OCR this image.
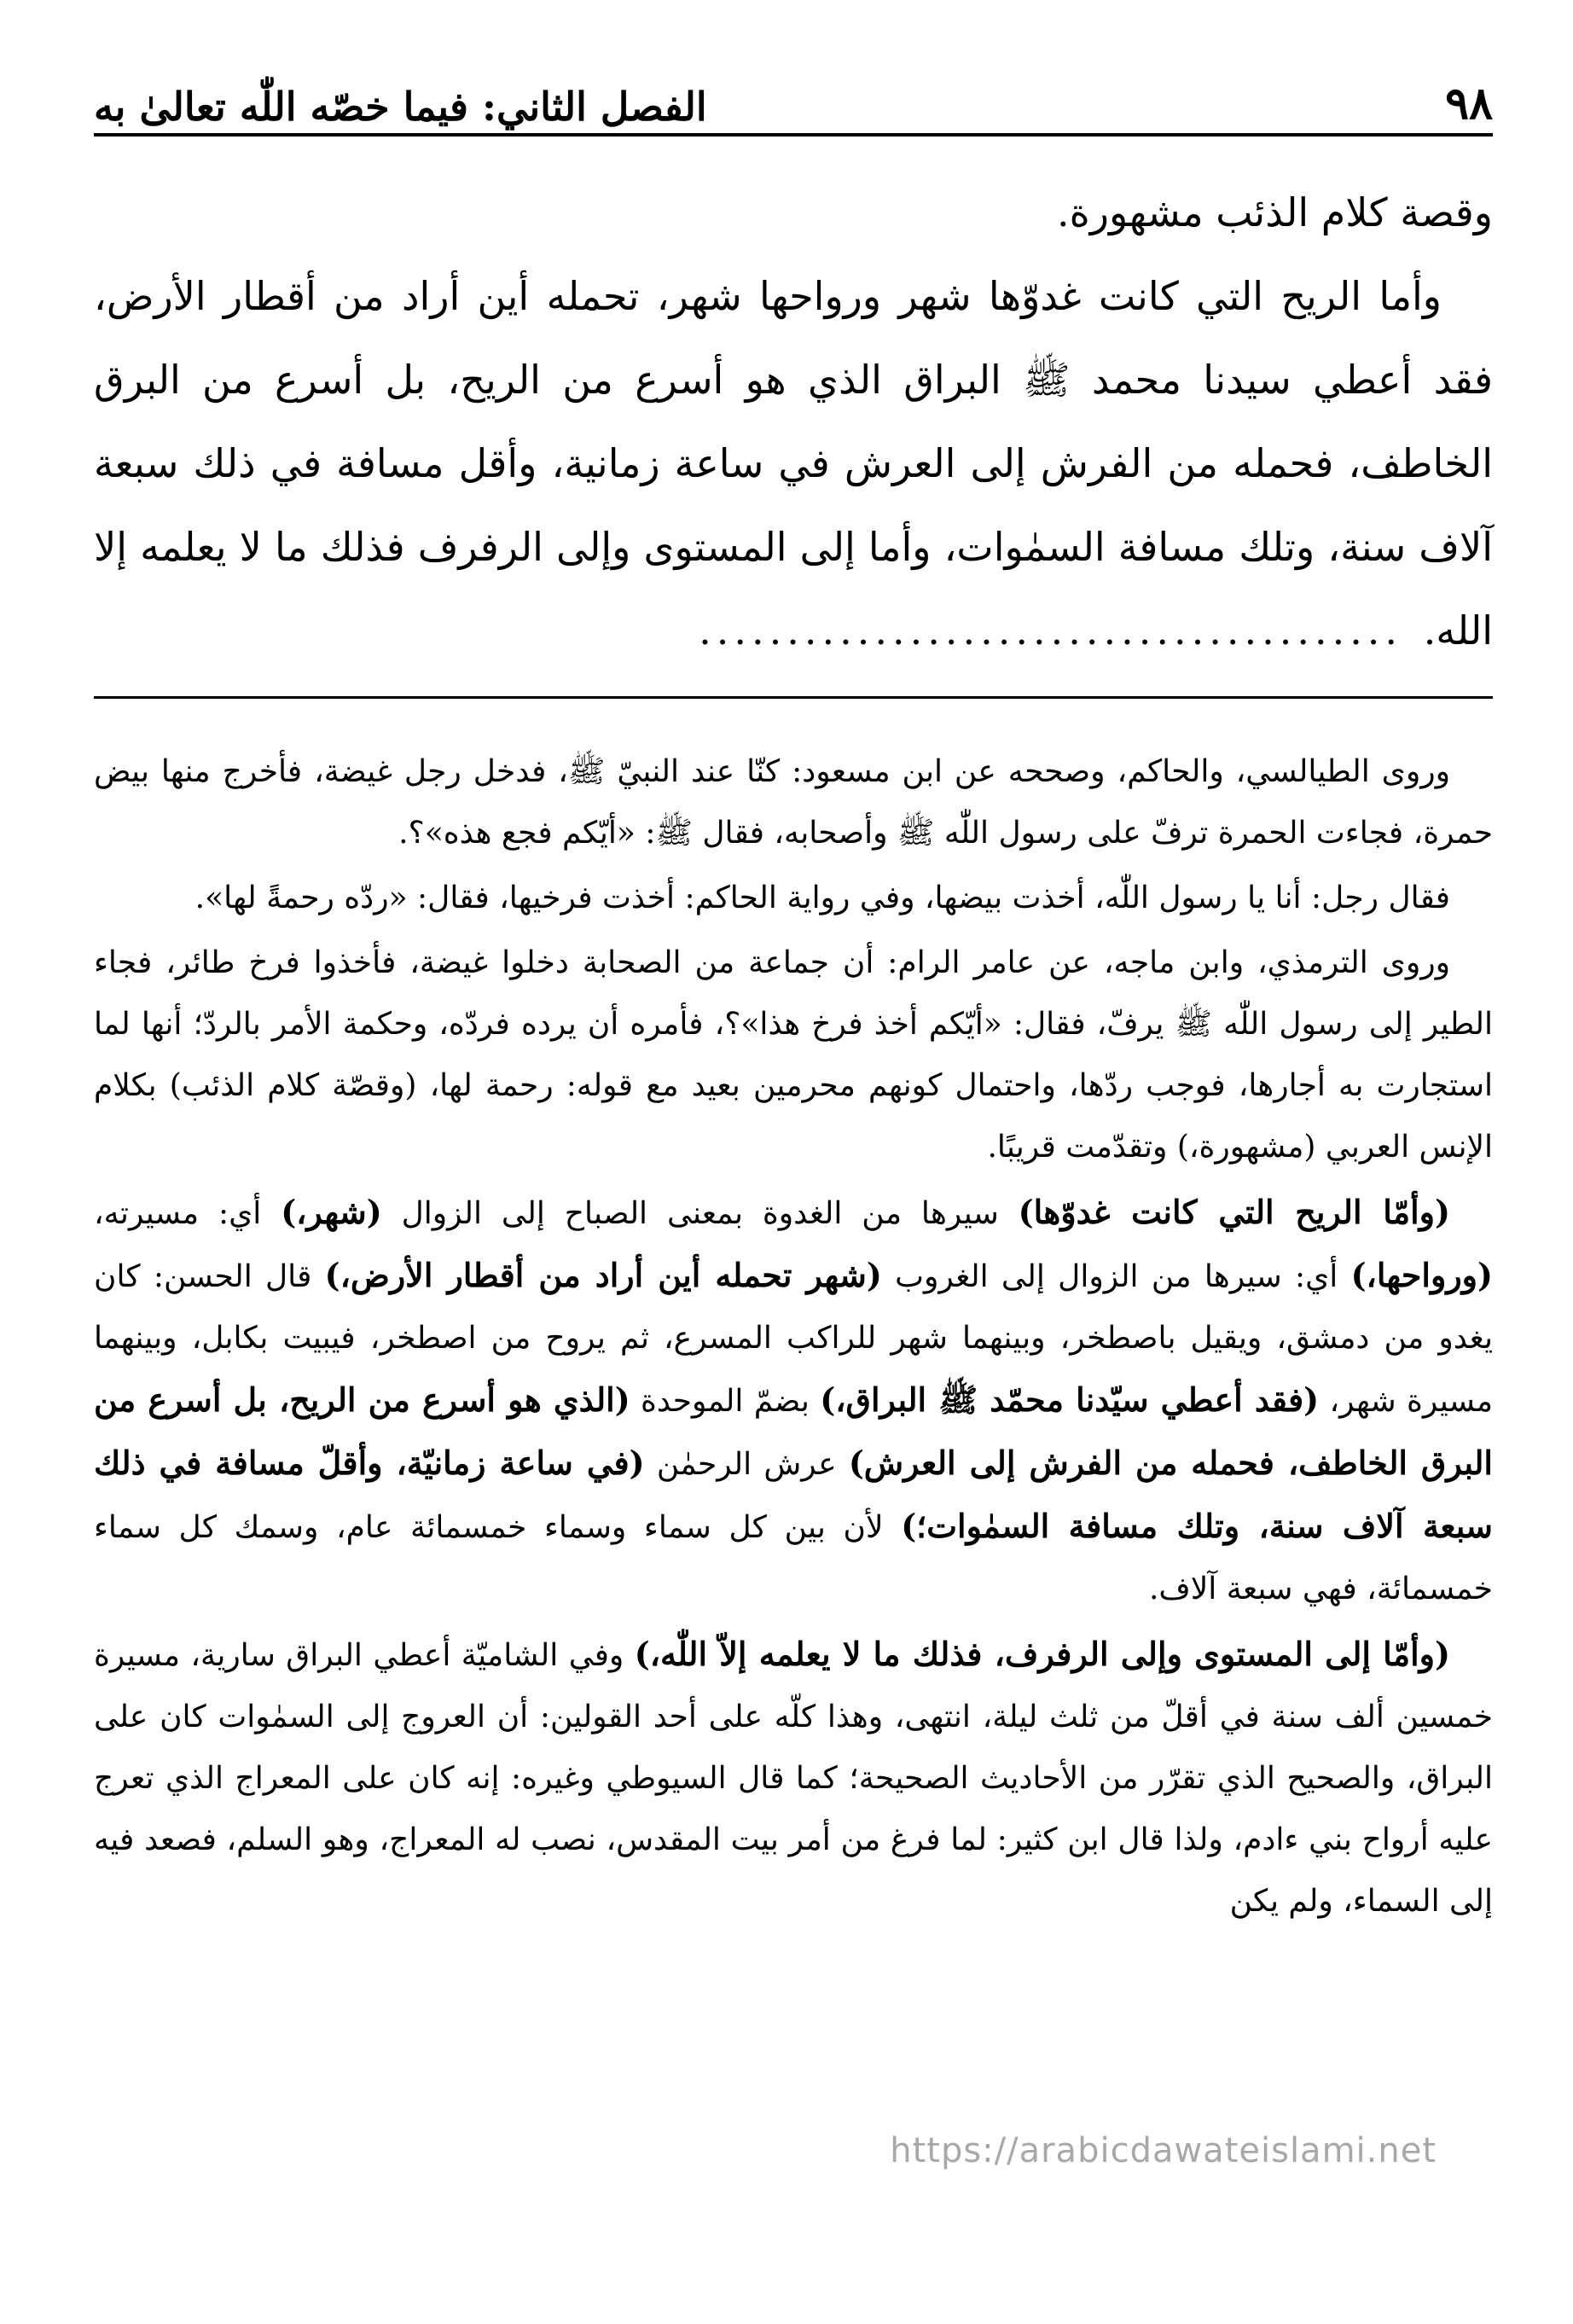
٩٨
الفصل الثاني: فيما خصّه اللّٰه تعالىٰ به

وقصة كلام الذئب مشهورة.

وأما الريح التي كانت غدوّها شهر ورواحها شهر، تحمله أين أراد من أقطار الأرض، فقد أعطي سيدنا محمد ﷺ البراق الذي هو أسرع من الريح، بل أسرع من البرق الخاطف، فحمله من الفرش إلى العرش في ساعة زمانية، وأقل مسافة في ذلك سبعة آلاف سنة، وتلك مسافة السمٰوات، وأما إلى المستوى وإلى الرفرف فذلك ما لا يعلمه إلا الله. ........................................

وروى الطيالسي، والحاكم، وصححه عن ابن مسعود: كنّا عند النبيّ ﷺ، فدخل رجل غيضة، فأخرج منها بيض حمرة، فجاءت الحمرة ترفّ على رسول اللّٰه ﷺ وأصحابه، فقال ﷺ: «أيّكم فجع هذه»؟.

فقال رجل: أنا يا رسول اللّٰه، أخذت بيضها، وفي رواية الحاكم: أخذت فرخيها، فقال: «ردّه رحمةً لها».

وروى الترمذي، وابن ماجه، عن عامر الرام: أن جماعة من الصحابة دخلوا غيضة، فأخذوا فرخ طائر، فجاء الطير إلى رسول اللّٰه ﷺ يرفّ، فقال: «أيّكم أخذ فرخ هذا»؟، فأمره أن يرده فردّه، وحكمة الأمر بالردّ؛ أنها لما استجارت به أجارها، فوجب ردّها، واحتمال كونهم محرمين بعيد مع قوله: رحمة لها، (وقصّة كلام الذئب) بكلام الإنس العربي (مشهورة،) وتقدّمت قريبًا.

(وأمّا الريح التي كانت غدوّها) سيرها من الغدوة بمعنى الصباح إلى الزوال (شهر،) أي: مسيرته، (ورواحها،) أي: سيرها من الزوال إلى الغروب (شهر تحمله أين أراد من أقطار الأرض،) قال الحسن: كان يغدو من دمشق، ويقيل باصطخر، وبينهما شهر للراكب المسرع، ثم يروح من اصطخر، فيبيت بكابل، وبينهما مسيرة شهر، (فقد أعطي سيّدنا محمّد ﷺ البراق،) بضمّ الموحدة (الذي هو أسرع من الريح، بل أسرع من البرق الخاطف، فحمله من الفرش إلى العرش) عرش الرحمٰن (في ساعة زمانيّة، وأقلّ مسافة في ذلك سبعة آلاف سنة، وتلك مسافة السمٰوات؛) لأن بين كل سماء وسماء خمسمائة عام، وسمك كل سماء خمسمائة، فهي سبعة آلاف.

(وأمّا إلى المستوى وإلى الرفرف، فذلك ما لا يعلمه إلاّ اللّٰه،) وفي الشاميّة أعطي البراق سارية، مسيرة خمسين ألف سنة في أقلّ من ثلث ليلة، انتهى، وهذا كلّه على أحد القولين: أن العروج إلى السمٰوات كان على البراق، والصحيح الذي تقرّر من الأحاديث الصحيحة؛ كما قال السيوطي وغيره: إنه كان على المعراج الذي تعرج عليه أرواح بني ءادم، ولذا قال ابن كثير: لما فرغ من أمر بيت المقدس، نصب له المعراج، وهو السلم، فصعد فيه إلى السماء، ولم يكن

https://arabicdawateislami.net
